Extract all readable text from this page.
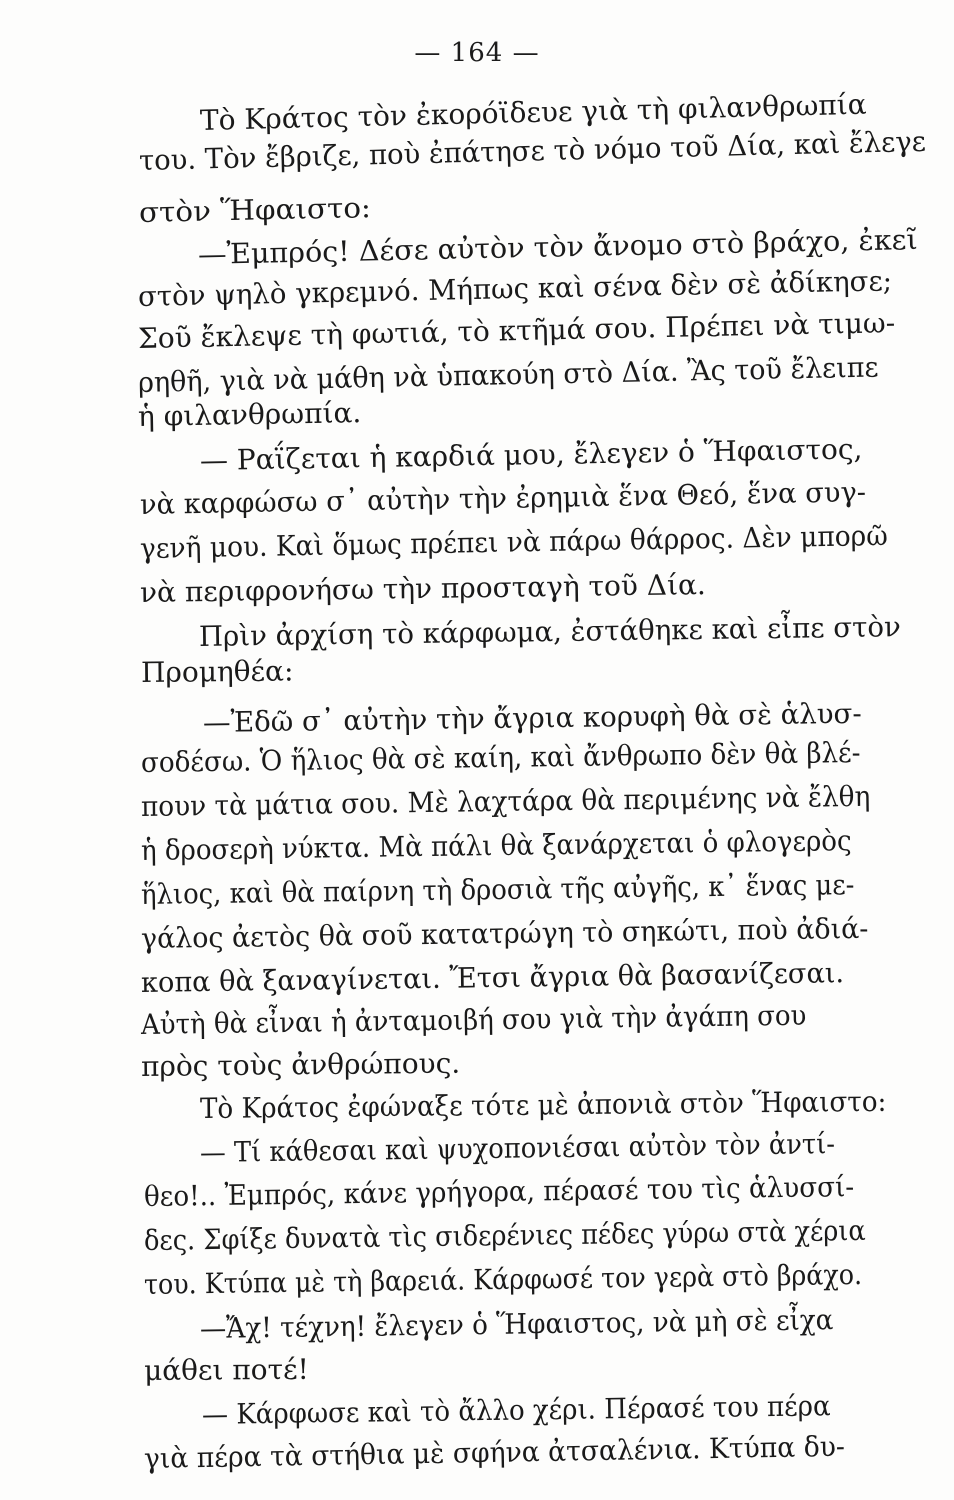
— 164 —
Τὸ Κράτος τὸν ἐκορόϊδευε γιὰ τὴ φιλανθρωπία
του. Τὸν ἔβριζε, ποὺ ἐπάτησε τὸ νόμο τοῦ Δία, καὶ ἔλεγε
στὸν Ἥφαιστο:
—Ἐμπρός! Δέσε αὐτὸν τὸν ἄνομο στὸ βράχο, ἐκεῖ
στὸν ψηλὸ γκρεμνό. Μήπως καὶ σένα δὲν σὲ ἀδίκησε;
Σοῦ ἔκλεψε τὴ φωτιά, τὸ κτῆμά σου. Πρέπει νὰ τιμω-
ρηθῆ, γιὰ νὰ μάθη νὰ ὑπακούη στὸ Δία. Ἂς τοῦ ἔλειπε
ἡ φιλανθρωπία.
— Ραΐζεται ἡ καρδιά μου, ἔλεγεν ὁ Ἥφαιστος,
νὰ καρφώσω σ᾽ αὐτὴν τὴν ἐρημιὰ ἕνα Θεό, ἕνα συγ-
γενῆ μου. Καὶ ὅμως πρέπει νὰ πάρω θάρρος. Δὲν μπορῶ
νὰ περιφρονήσω τὴν προσταγὴ τοῦ Δία.
Πρὶν ἀρχίση τὸ κάρφωμα, ἐστάθηκε καὶ εἶπε στὸν
Προμηθέα:
—Ἐδῶ σ᾽ αὐτὴν τὴν ἄγρια κορυφὴ θὰ σὲ ἁλυσ-
σοδέσω. Ὁ ἥλιος θὰ σὲ καίη, καὶ ἄνθρωπο δὲν θὰ βλέ-
πουν τὰ μάτια σου. Μὲ λαχτάρα θὰ περιμένης νὰ ἔλθη
ἡ δροσερὴ νύκτα. Μὰ πάλι θὰ ξανάρχεται ὁ φλογερὸς
ἥλιος, καὶ θὰ παίρνη τὴ δροσιὰ τῆς αὐγῆς, κ᾽ ἕνας με-
γάλος ἀετὸς θὰ σοῦ κατατρώγη τὸ σηκώτι, ποὺ ἀδιά-
κοπα θὰ ξαναγίνεται. Ἔτσι ἄγρια θὰ βασανίζεσαι.
Αὐτὴ θὰ εἶναι ἡ ἀνταμοιβή σου γιὰ τὴν ἀγάπη σου
πρὸς τοὺς ἀνθρώπους.
Τὸ Κράτος ἐφώναξε τότε μὲ ἀπονιὰ στὸν Ἥφαιστο:
— Τί κάθεσαι καὶ ψυχοπονιέσαι αὐτὸν τὸν ἀντί-
θεο!.. Ἐμπρός, κάνε γρήγορα, πέρασέ του τὶς ἁλυσσί-
δες. Σφίξε δυνατὰ τὶς σιδερένιες πέδες γύρω στὰ χέρια
του. Κτύπα μὲ τὴ βαρειά. Κάρφωσέ τον γερὰ στὸ βράχο.
—Ἄχ! τέχνη! ἔλεγεν ὁ Ἥφαιστος, νὰ μὴ σὲ εἶχα
μάθει ποτέ!
— Κάρφωσε καὶ τὸ ἄλλο χέρι. Πέρασέ του πέρα
γιὰ πέρα τὰ στήθια μὲ σφήνα ἀτσαλένια. Κτύπα δυ-
